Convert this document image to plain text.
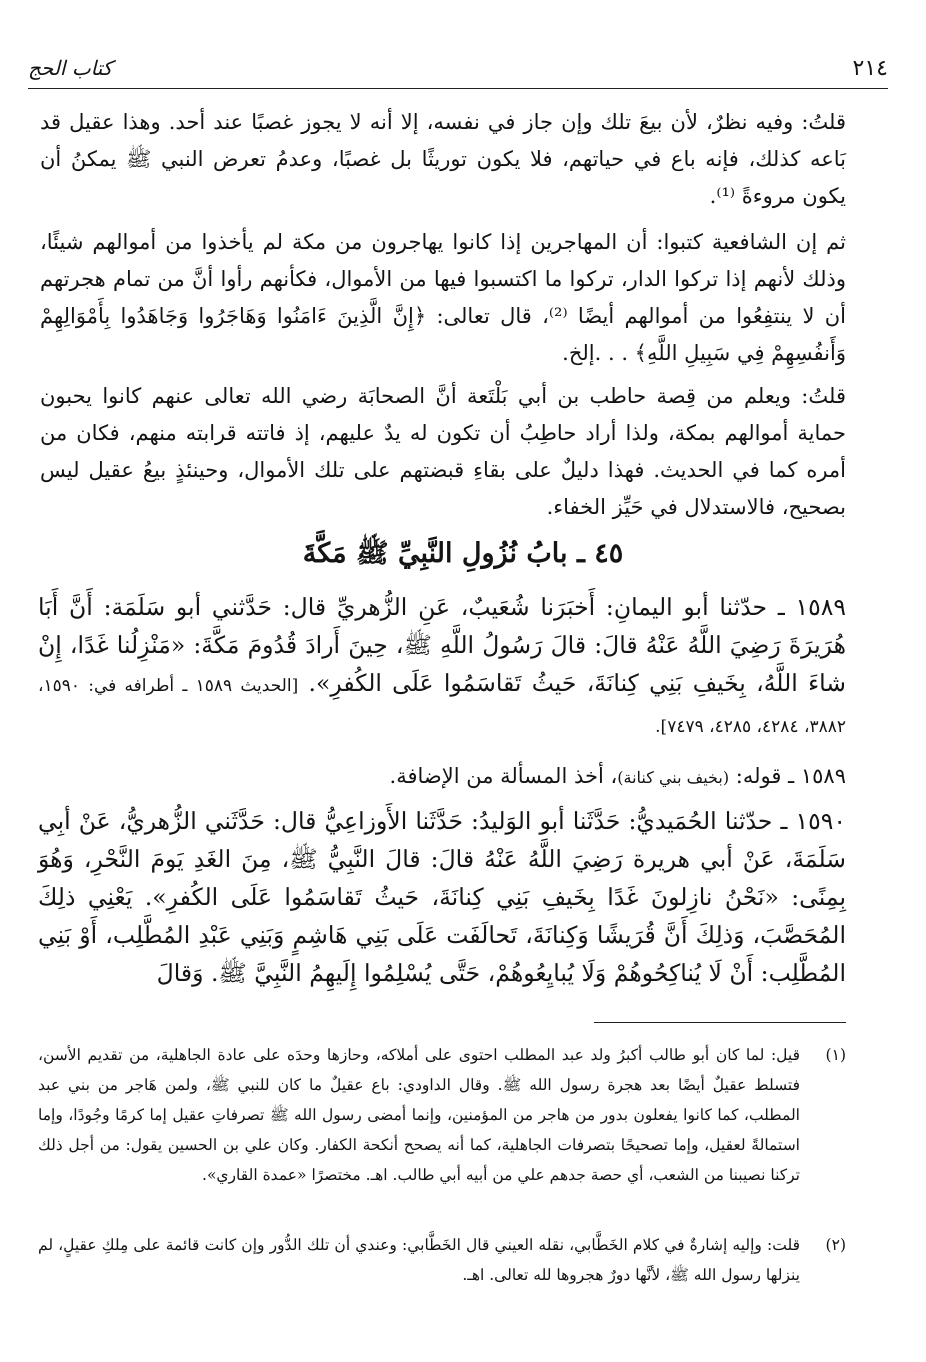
٢١٤
كتاب الحج
قلتُ: وفيه نظرٌ، لأن بيعَ تلك وإن جاز في نفسه، إلا أنه لا يجوز غصبًا عند أحد. وهذا عقيل قد بَاعه كذلك، فإنه باع في حياتهم، فلا يكون توريثًا بل غصبًا، وعدمُ تعرض النبي ﷺ يمكنُ أن يكون مروءةً ⁽¹⁾.
ثم إن الشافعية كتبوا: أن المهاجرين إذا كانوا يهاجرون من مكة لم يأخذوا من أموالهم شيئًا، وذلك لأنهم إذا تركوا الدار، تركوا ما اكتسبوا فيها من الأموال، فكأنهم رأوا أنَّ من تمام هجرتهم أن لا ينتفِعُوا من أموالهم أيضًا ⁽²⁾، قال تعالى: ﴿إِنَّ الَّذِينَ ءَامَنُوا وَهَاجَرُوا وَجَاهَدُوا بِأَمْوَالِهِمْ وَأَنفُسِهِمْ فِي سَبِيلِ اللَّهِ﴾ . . .إلخ.
قلتُ: ويعلم من قِصة حاطب بن أبي بَلْتَعة أنَّ الصحابَة رضي الله تعالى عنهم كانوا يحبون حماية أموالهم بمكة، ولذا أراد حاطِبُ أن تكون له يدٌ عليهم، إذ فاتته قرابته منهم، فكان من أمره كما في الحديث. فهذا دليلٌ على بقاءِ قبضتهم على تلك الأموال، وحينئذٍ بيعُ عقيل ليس بصحيح، فالاستدلال في حَيِّز الخفاء.
٤٥ ـ بابُ نُزُولِ النَّبِيِّ ﷺ مَكَّةَ
١٥٨٩ ـ حدّثنا أبو اليمانِ: أَخبَرَنا شُعَيبٌ، عَنِ الزُّهريِّ قال: حَدَّثني أبو سَلَمَة: أَنَّ أَبَا هُرَيرَةَ رَضِيَ اللَّهُ عَنْهُ قالَ: قالَ رَسُولُ اللَّهِ ﷺ، حِينَ أَرادَ قُدُومَ مَكَّةَ: «مَنْزِلُنا غَدًا، إِنْ شاءَ اللَّهُ، بِخَيفِ بَنِي كِنانَةَ، حَيثُ تَقاسَمُوا عَلَى الكُفرِ». [الحديث ١٥٨٩ ـ أطرافه في: ١٥٩٠، ٣٨٨٢، ٤٢٨٤، ٤٢٨٥، ٧٤٧٩].
١٥٨٩ ـ قوله: (بخيف بني كنانة)، أخذ المسألة من الإضافة.
١٥٩٠ ـ حدّثنا الحُمَيديُّ: حَدَّثَنا أبو الوَليدُ: حَدَّثَنا الأَوزاعِيُّ قال: حَدَّثَني الزُّهريُّ، عَنْ أبِي سَلَمَةَ، عَنْ أبي هريرة رَضِيَ اللَّهُ عَنْهُ قالَ: قالَ النَّبِيُّ ﷺ، مِنَ الغَدِ يَومَ النَّحْرِ، وَهُوَ بِمِنًى: «نَحْنُ نازِلونَ غَدًا بِخَيفِ بَنِي كِنانَةَ، حَيثُ تَقاسَمُوا عَلَى الكُفرِ». يَعْنِي ذلِكَ المُحَصَّبَ، وَذلِكَ أَنَّ قُرَيشًا وَكِنانَةَ، تَحالَفَت عَلَى بَنِي هَاشِمٍ وَبَنِي عَبْدِ المُطَّلِب، أَوْ بَنِي المُطَّلِب: أَنْ لَا يُناكِحُوهُمْ وَلَا يُبايِعُوهُمْ، حَتَّى يُسْلِمُوا إِلَيهِمُ النَّبِيَّ ﷺ. وَقالَ
(١)
قيل: لما كان أبو طالب أكبرُ ولد عبد المطلب احتوى على أملاكه، وحازها وحدَه على عادة الجاهلية، من تقديم الأسن، فتسلط عقيلٌ أيضًا بعد هجرة رسول الله ﷺ. وقال الداودي: باع عقيلٌ ما كان للنبي ﷺ، ولمن هَاجر من بني عبد المطلب، كما كانوا يفعلون بدور من هاجر من المؤمنين، وإنما أمضى رسول الله ﷺ تصرفاتِ عقيل إما كرمًا وجُودًا، وإما استمالةً لعقيل، وإما تصحيحًا بتصرفات الجاهلية، كما أنه يصحح أنكحة الكفار. وكان علي بن الحسين يقول: من أجل ذلك تركنا نصيبنا من الشعب، أي حصة جدهم علي من أبيه أبي طالب. اهـ. مختصرًا «عمدة القاري».
(٢)
قلت: وإليه إشارةٌ في كلام الخَطَّابي، نقله العيني قال الخَطَّابي: وعندي أن تلك الدُّور وإن كانت قائمة على مِلكِ عقيلٍ، لم ينزلها رسول الله ﷺ، لأنَّها دورٌ هجروها لله تعالى. اهـ.
